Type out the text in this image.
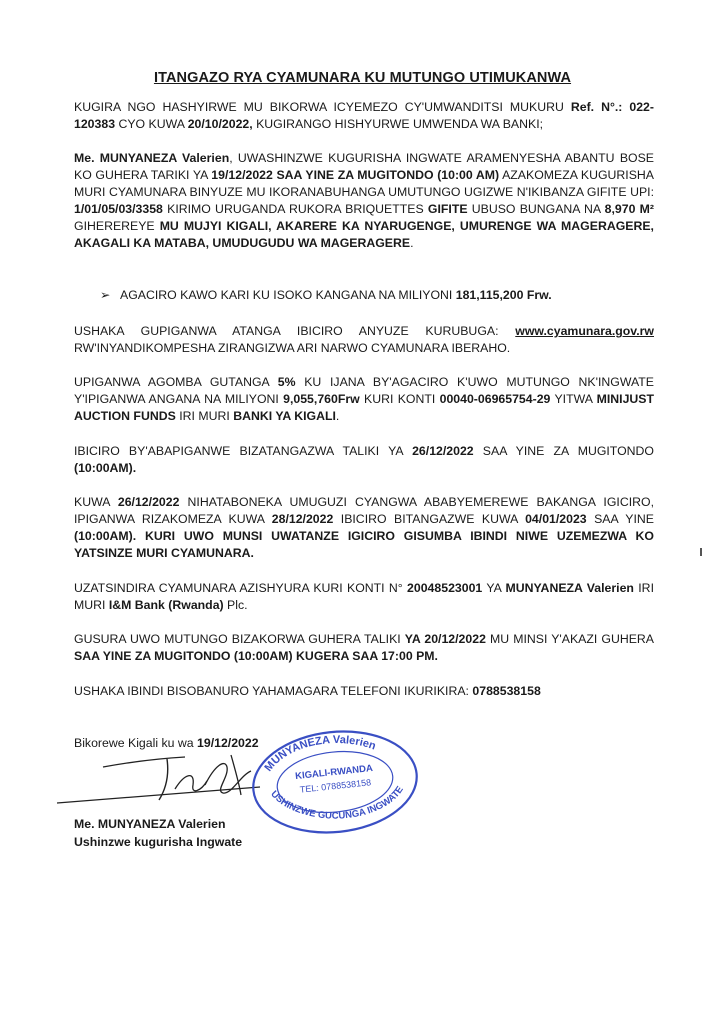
ITANGAZO RYA CYAMUNARA KU MUTUNGO UTIMUKANWA
KUGIRA NGO HASHYIRWE MU BIKORWA ICYEMEZO CY'UMWANDITSI MUKURU Ref. N°.: 022-120383 CYO KUWA 20/10/2022, KUGIRANGO HISHYURWE UMWENDA WA BANKI;
Me. MUNYANEZA Valerien, UWASHINZWE KUGURISHA INGWATE ARAMENYESHA ABANTU BOSE KO GUHERA TARIKI YA 19/12/2022 SAA YINE ZA MUGITONDO (10:00 AM) AZAKOMEZA KUGURISHA MURI CYAMUNARA BINYUZE MU IKORANABUHANGA UMUTUNGO UGIZWE N'IKIBANZA GIFITE UPI: 1/01/05/03/3358 KIRIMO URUGANDA RUKORA BRIQUETTES GIFITE UBUSO BUNGANA NA 8,970 M² GIHEREREYE MU MUJYI KIGALI, AKARERE KA NYARUGENGE, UMURENGE WA MAGERAGERE, AKAGALI KA MATABA, UMUDUGUDU WA MAGERAGERE.
➢ AGACIRO KAWO KARI KU ISOKO KANGANA NA MILIYONI 181,115,200 Frw.
USHAKA GUPIGANWA ATANGA IBICIRO ANYUZE KURUBUGA: www.cyamunara.gov.rw RW'INYANDIKOMPESHA ZIRANGIZWA ARI NARWO CYAMUNARA IBERAHO.
UPIGANWA AGOMBA GUTANGA 5% KU IJANA BY'AGACIRO K'UWO MUTUNGO NK'INGWATE Y'IPIGANWA ANGANA NA MILIYONI 9,055,760Frw KURI KONTI 00040-06965754-29 YITWA MINIJUST AUCTION FUNDS IRI MURI BANKI YA KIGALI.
IBICIRO BY'ABAPIGANWE BIZATANGAZWA TALIKI YA 26/12/2022 SAA YINE ZA MUGITONDO (10:00AM).
KUWA 26/12/2022 NIHATABONEKA UMUGUZI CYANGWA ABABYEMEREWE BAKANGA IGICIRO, IPIGANWA RIZAKOMEZA KUWA 28/12/2022 IBICIRO BITANGAZWE KUWA 04/01/2023 SAA YINE (10:00AM). KURI UWO MUNSI UWATANZE IGICIRO GISUMBA IBINDI NIWE UZEMEZWA KO YATSINZE MURI CYAMUNARA.
UZATSINDIRA CYAMUNARA AZISHYURA KURI KONTI N° 20048523001 YA MUNYANEZA Valerien IRI MURI I&M Bank (Rwanda) Plc.
GUSURA UWO MUTUNGO BIZAKORWA GUHERA TALIKI YA 20/12/2022 MU MINSI Y'AKAZI GUHERA SAA YINE ZA MUGITONDO (10:00AM) KUGERA SAA 17:00 PM.
USHAKA IBINDI BISOBANURO YAHAMAGARA TELEFONI IKURIKIRA: 0788538158
Bikorewe Kigali ku wa 19/12/2022
MUNYANEZA Valerien
KIGALI-RWANDA
TEL: 0788538158
USHINZWE GUCUNGA INGWATE
Me. MUNYANEZA Valerien
Ushinzwe kugurisha Ingwate
